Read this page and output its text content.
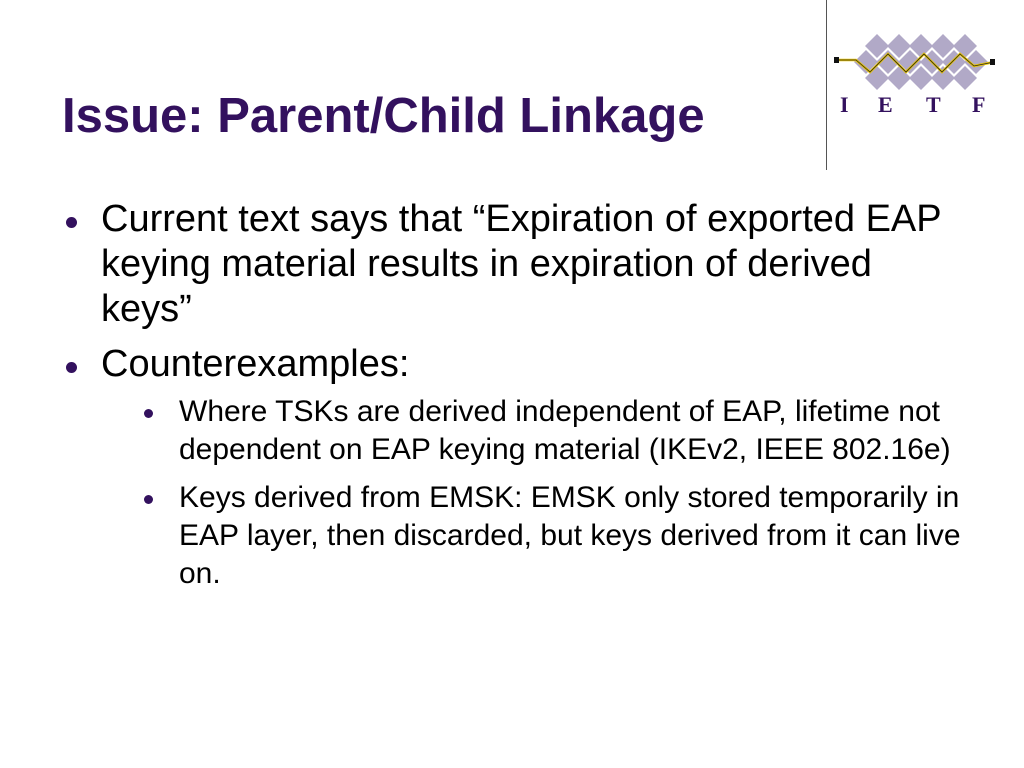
Issue: Parent/Child Linkage	I E T F
Current text says that “Expiration of exported EAP keying material results in expiration of derived keys”
Counterexamples:
Where TSKs are derived independent of EAP, lifetime not dependent on EAP keying material (IKEv2, IEEE 802.16e)
Keys derived from EMSK: EMSK only stored temporarily in EAP layer, then discarded, but keys derived from it can live on.
